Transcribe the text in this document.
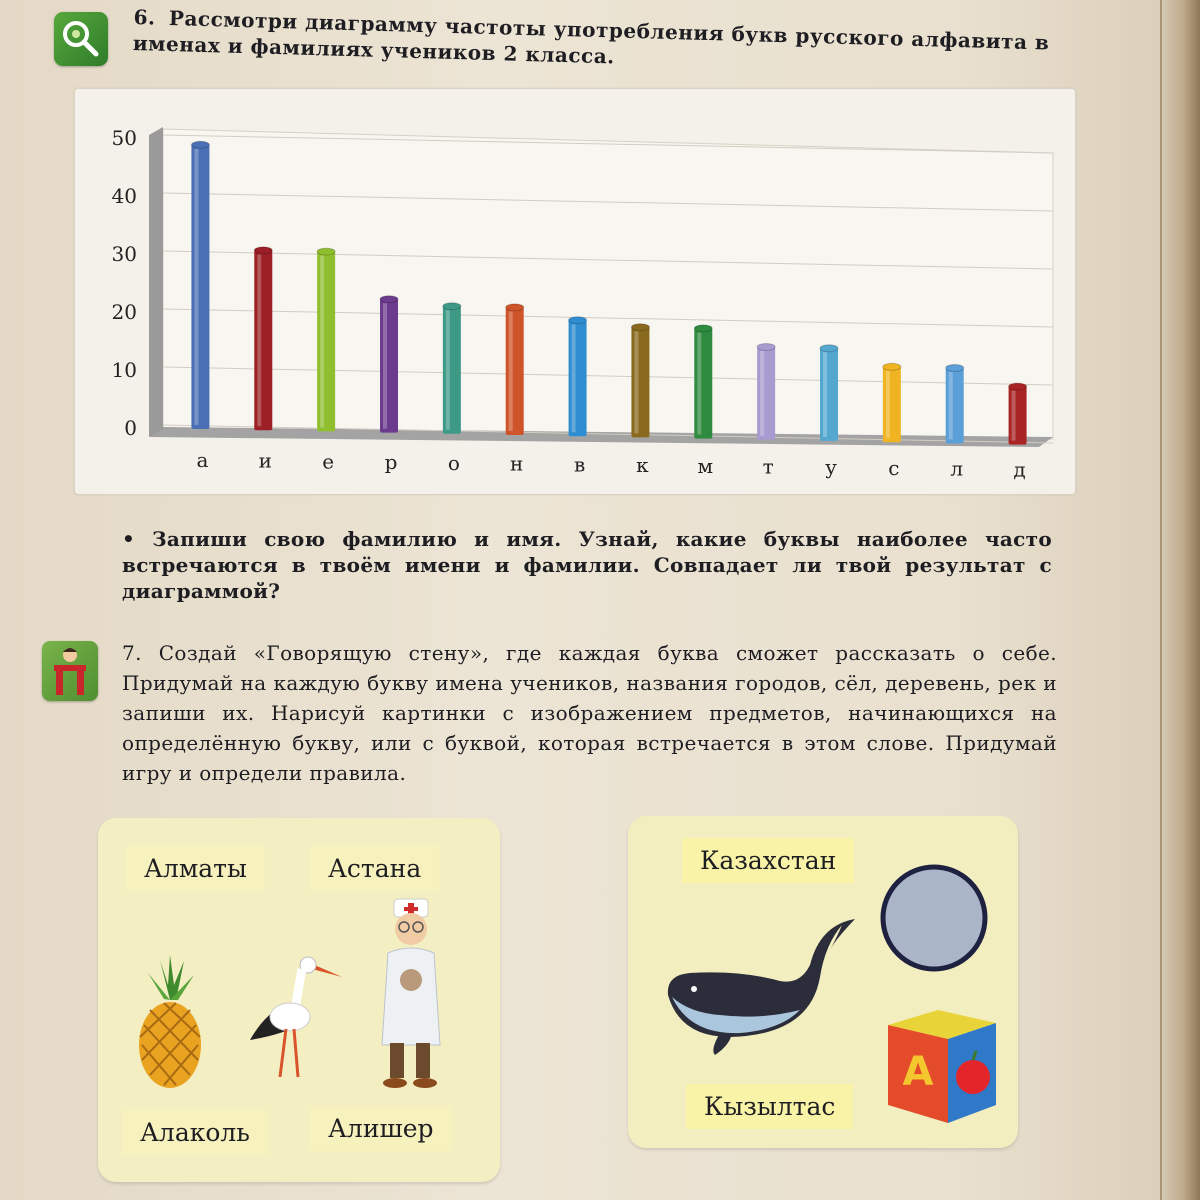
6. Рассмотри диаграмму частоты употребления букв русского алфавита в именах и фамилиях учеников 2 класса.
0
10
20
30
40
50
а	и	е	р	о	н	в	к м т	у	с	л	д
• Запиши свою фамилию и имя. Узнай, какие буквы наиболее часто встречаются в твоём имени и фамилии. Совпадает ли твой результат с диаграммой?
7. Создай «Говорящую стену», где каждая буква сможет рассказать о себе. Придумай на каждую букву имена учеников, названия городов, сёл, деревень, рек и запиши их. Нарисуй картинки с изображением предметов, начинающихся на определённую букву, или с буквой, которая встречается в этом слове. Придумай игру и определи правила.
Алматы	Астана
Алаколь	Алишер
Казахстан
Кызылтас
А
